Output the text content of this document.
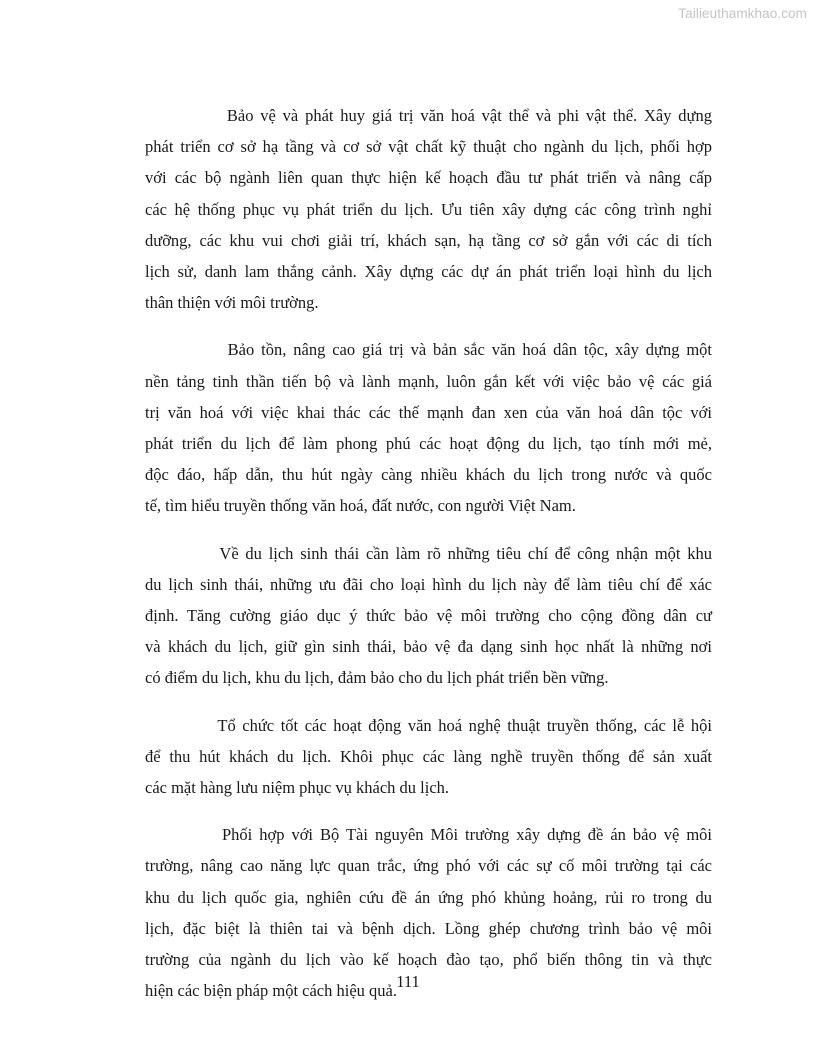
Tailieuthamkhao.com

Bảo vệ và phát huy giá trị văn hoá vật thể và phi vật thể. Xây dựng
phát triển cơ sở hạ tầng và cơ sở vật chất kỹ thuật cho ngành du lịch, phối hợp
với các bộ ngành liên quan thực hiện kế hoạch đầu tư phát triển và nâng cấp
các hệ thống phục vụ phát triển du lịch. Ưu tiên xây dựng các công trình nghỉ
dưỡng, các khu vui chơi giải trí, khách sạn, hạ tầng cơ sở gắn với các di tích
lịch sử, danh lam thắng cảnh. Xây dựng các dự án phát triển loại hình du lịch
thân thiện với môi trường.

Bảo tồn, nâng cao giá trị và bản sắc văn hoá dân tộc, xây dựng một
nền tảng tinh thần tiến bộ và lành mạnh, luôn gắn kết với việc bảo vệ các giá
trị văn hoá với việc khai thác các thế mạnh đan xen của văn hoá dân tộc với
phát triển du lịch để làm phong phú các hoạt động du lịch, tạo tính mới mẻ,
độc đáo, hấp dẫn, thu hút ngày càng nhiều khách du lịch trong nước và quốc
tế, tìm hiểu truyền thống văn hoá, đất nước, con người Việt Nam.

Về du lịch sinh thái cần làm rõ những tiêu chí để công nhận một khu
du lịch sinh thái, những ưu đãi cho loại hình du lịch này để làm tiêu chí để xác
định. Tăng cường giáo dục ý thức bảo vệ môi trường cho cộng đồng dân cư
và khách du lịch, giữ gìn sinh thái, bảo vệ đa dạng sinh học nhất là những nơi
có điểm du lịch, khu du lịch, đảm bảo cho du lịch phát triển bền vững.

Tổ chức tốt các hoạt động văn hoá nghệ thuật truyền thống, các lễ hội
để thu hút khách du lịch. Khôi phục các làng nghề truyền thống để sản xuất
các mặt hàng lưu niệm phục vụ khách du lịch.

Phối hợp với Bộ Tài nguyên Môi trường xây dựng đề án bảo vệ môi
trường, nâng cao năng lực quan trắc, ứng phó với các sự cố môi trường tại các
khu du lịch quốc gia, nghiên cứu đề án ứng phó khủng hoảng, rủi ro trong du
lịch, đặc biệt là thiên tai và bệnh dịch. Lồng ghép chương trình bảo vệ môi
trường của ngành du lịch vào kế hoạch đào tạo, phổ biến thông tin và thực
hiện các biện pháp một cách hiệu quả. 111
